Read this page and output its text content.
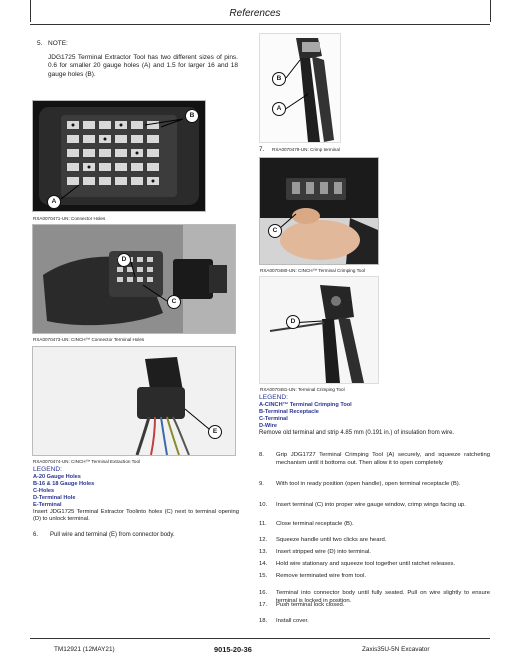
References
5. NOTE:
JDG1725 Terminal Extractor Tool has two different sizes of pins. 0.6 for smaller 20 gauge holes (A) and 1.5 for larger 16 and 18 gauge holes (B).
B
A
RXA0070471-UN: Connector Holes
D
C
RXA0070473-UN: CINCH™ Connector Terminal Holes
E
RXA0070474-UN: CINCH™ Terminal Extraction Tool
LEGEND:
A-20 Gauge Holes
B-16 & 18 Gauge Holes
C-Holes
D-Terminal Hole
E-Terminal
Insert JDG1725 Terminal Extractor Toolinto holes (C) next to terminal opening (D) to unlock terminal.
6. Pull wire and terminal (E) from connector body.
B
A
7. RXA0070479-UN: Crimp terminal
C
RXA0070480-UN: CINCH™ Terminal Crimping Tool
D
RXA0070481-UN: Terminal Crimping Tool
LEGEND:
A-CINCH™ Terminal Crimping Tool
B-Terminal Receptacle
C-Terminal
D-Wire
Remove old terminal and strip 4.85 mm (0.191 in.) of insulation from wire.
8. Grip JDG1727 Terminal Crimping Tool (A) securely, and squeeze ratcheting mechanism until it bottoms out. Then allow it to open completely
9. With tool in ready position (open handle), open terminal receptacle (B).
10. Insert terminal (C) into proper wire gauge window, crimp wings facing up.
11. Close terminal receptacle (B).
12. Squeeze handle until two clicks are heard.
13. Insert stripped wire (D) into terminal.
14. Hold wire stationary and squeeze tool together until ratchet releases.
15. Remove terminated wire from tool.
16. Terminal into connector body until fully seated. Pull on wire slightly to ensure terminal is locked in position.
17. Push terminal lock closed.
18. Install cover.
TM12921 (12MAY21)	9015-20-36	Zaxis35U-5N Excavator
